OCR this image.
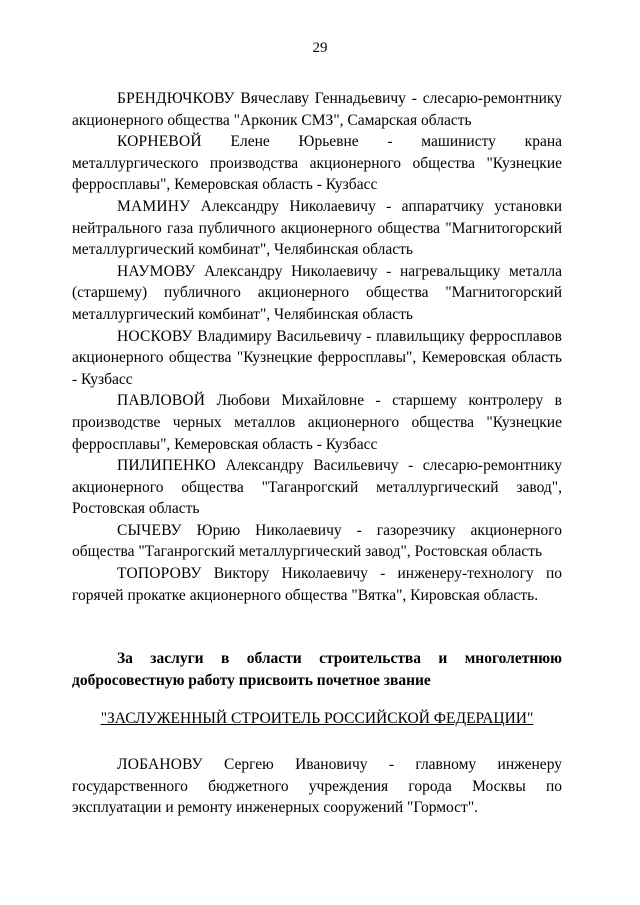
29

БРЕНДЮЧКОВУ Вячеславу Геннадьевичу - слесарю-ремонтнику акционерного общества "Арконик СМЗ", Самарская область

КОРНЕВОЙ Елене Юрьевне - машинисту крана металлургического производства акционерного общества "Кузнецкие ферросплавы", Кемеровская область - Кузбасс

МАМИНУ Александру Николаевичу - аппаратчику установки нейтрального газа публичного акционерного общества "Магнитогорский металлургический комбинат", Челябинская область

НАУМОВУ Александру Николаевичу - нагревальщику металла (старшему) публичного акционерного общества "Магнитогорский металлургический комбинат", Челябинская область

НОСКОВУ Владимиру Васильевичу - плавильщику ферросплавов акционерного общества "Кузнецкие ферросплавы", Кемеровская область - Кузбасс

ПАВЛОВОЙ Любови Михайловне - старшему контролеру в производстве черных металлов акционерного общества "Кузнецкие ферросплавы", Кемеровская область - Кузбасс

ПИЛИПЕНКО Александру Васильевичу - слесарю-ремонтнику акционерного общества "Таганрогский металлургический завод", Ростовская область

СЫЧЕВУ Юрию Николаевичу - газорезчику акционерного общества "Таганрогский металлургический завод", Ростовская область

ТОПОРОВУ Виктору Николаевичу - инженеру-технологу по горячей прокатке акционерного общества "Вятка", Кировская область.

За заслуги в области строительства и многолетнюю добросовестную работу присвоить почетное звание

"ЗАСЛУЖЕННЫЙ СТРОИТЕЛЬ РОССИЙСКОЙ ФЕДЕРАЦИИ"

ЛОБАНОВУ Сергею Ивановичу - главному инженеру государственного бюджетного учреждения города Москвы по эксплуатации и ремонту инженерных сооружений "Гормост".
